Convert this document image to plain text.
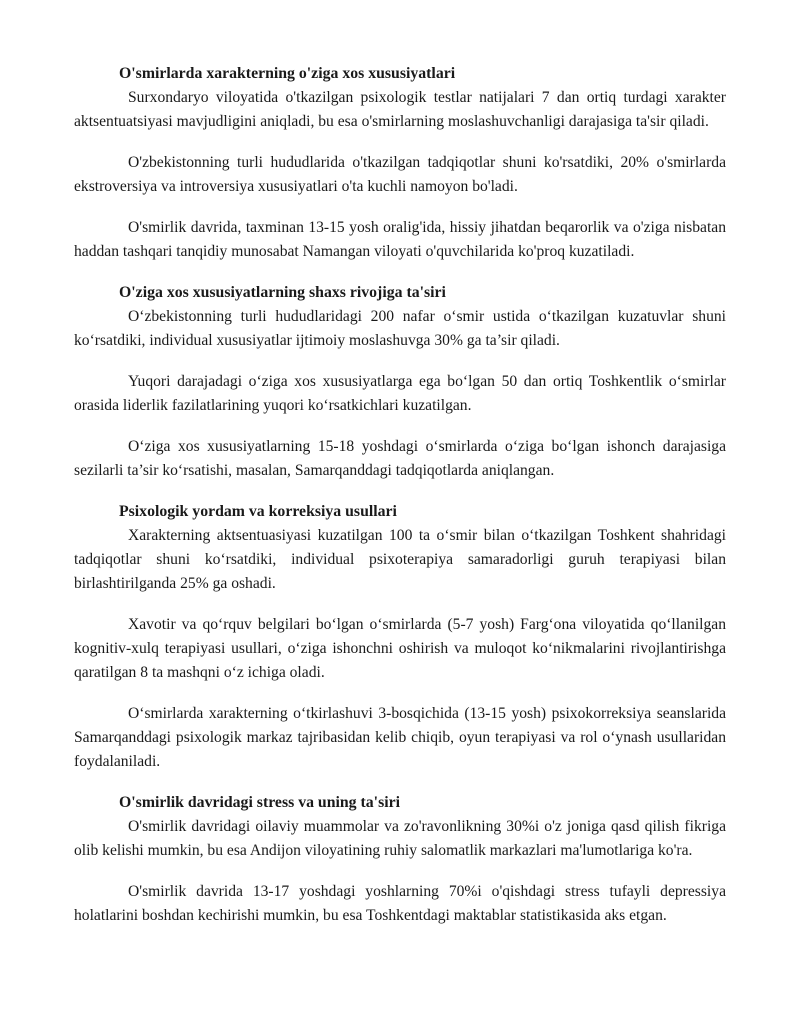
O'smirlarda xarakterning o'ziga xos xususiyatlari

Surxondaryo viloyatida o'tkazilgan psixologik testlar natijalari 7 dan ortiq turdagi xarakter aktsentuatsiyasi mavjudligini aniqladi, bu esa o'smirlarning moslashuvchanligi darajasiga ta'sir qiladi.

O'zbekistonning turli hududlarida o'tkazilgan tadqiqotlar shuni ko'rsatdiki, 20% o'smirlarda ekstroversiya va introversiya xususiyatlari o'ta kuchli namoyon bo'ladi.

O'smirlik davrida, taxminan 13-15 yosh oralig'ida, hissiy jihatdan beqarorlik va o'ziga nisbatan haddan tashqari tanqidiy munosabat Namangan viloyati o'quvchilarida ko'proq kuzatiladi.

O'ziga xos xususiyatlarning shaxs rivojiga ta'siri

O‘zbekistonning turli hududlaridagi 200 nafar o‘smir ustida o‘tkazilgan kuzatuvlar shuni ko‘rsatdiki, individual xususiyatlar ijtimoiy moslashuvga 30% ga ta’sir qiladi.

Yuqori darajadagi o‘ziga xos xususiyatlarga ega bo‘lgan 50 dan ortiq Toshkentlik o‘smirlar orasida liderlik fazilatlarining yuqori ko‘rsatkichlari kuzatilgan.

O‘ziga xos xususiyatlarning 15-18 yoshdagi o‘smirlarda o‘ziga bo‘lgan ishonch darajasiga sezilarli ta’sir ko‘rsatishi, masalan, Samarqanddagi tadqiqotlarda aniqlangan.

Psixologik yordam va korreksiya usullari

Xarakterning aktsentuasiyasi kuzatilgan 100 ta o‘smir bilan o‘tkazilgan Toshkent shahridagi tadqiqotlar shuni ko‘rsatdiki, individual psixoterapiya samaradorligi guruh terapiyasi bilan birlashtirilganda 25% ga oshadi.

Xavotir va qo‘rquv belgilari bo‘lgan o‘smirlarda (5-7 yosh) Farg‘ona viloyatida qo‘llanilgan kognitiv-xulq terapiyasi usullari, o‘ziga ishonchni oshirish va muloqot ko‘nikmalarini rivojlantirishga qaratilgan 8 ta mashqni o‘z ichiga oladi.

O‘smirlarda xarakterning o‘tkirlashuvi 3-bosqichida (13-15 yosh) psixokorreksiya seanslarida Samarqanddagi psixologik markaz tajribasidan kelib chiqib, oyun terapiyasi va rol o‘ynash usullaridan foydalaniladi.

O'smirlik davridagi stress va uning ta'siri

O'smirlik davridagi oilaviy muammolar va zo'ravonlikning 30%i o'z joniga qasd qilish fikriga olib kelishi mumkin, bu esa Andijon viloyatining ruhiy salomatlik markazlari ma'lumotlariga ko'ra.

O'smirlik davrida 13-17 yoshdagi yoshlarning 70%i o'qishdagi stress tufayli depressiya holatlarini boshdan kechirishi mumkin, bu esa Toshkentdagi maktablar statistikasida aks etgan.
